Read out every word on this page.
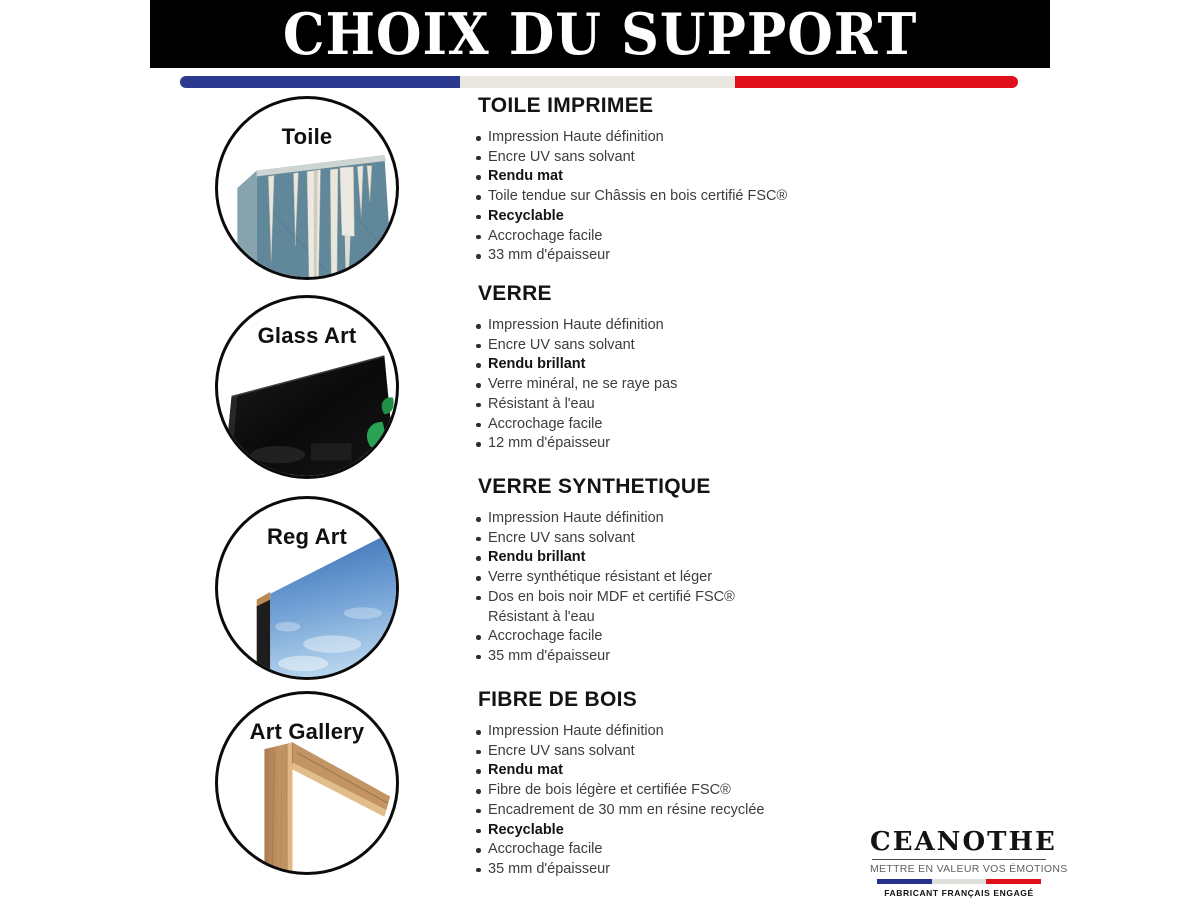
CHOIX DU SUPPORT
Toile
Glass Art
Reg Art
Art Gallery
TOILE IMPRIMEE
Impression Haute définition
Encre UV sans solvant
Rendu mat
Toile tendue sur Châssis en bois certifié FSC®
Recyclable
Accrochage facile
33 mm d'épaisseur
VERRE
Impression Haute définition
Encre UV sans solvant
Rendu brillant
Verre minéral, ne se raye pas
Résistant à l'eau
Accrochage facile
12 mm d'épaisseur
VERRE SYNTHETIQUE
Impression Haute définition
Encre UV sans solvant
Rendu brillant
Verre synthétique résistant et léger
Dos en bois noir MDF et certifié FSC®
Résistant à l'eau
Accrochage facile
35 mm d'épaisseur
FIBRE DE BOIS
Impression Haute définition
Encre UV sans solvant
Rendu mat
Fibre de bois légère et certifiée FSC®
Encadrement de 30 mm en résine recyclée
Recyclable
Accrochage facile
35 mm d'épaisseur
CEANOTHE
METTRE EN VALEUR VOS ÉMOTIONS
FABRICANT FRANÇAIS ENGAGÉ
